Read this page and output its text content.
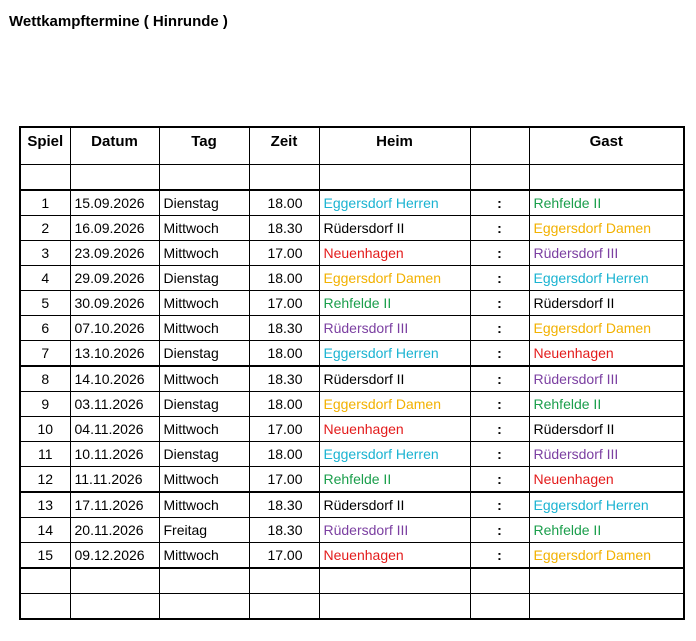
Wettkampftermine ( Hinrunde )
Spiel	Datum	Tag	Zeit	Heim		Gast

1	15.09.2026	Dienstag	18.00	Eggersdorf Herren	:	Rehfelde II
2	16.09.2026	Mittwoch	18.30	Rüdersdorf II	:	Eggersdorf Damen
3	23.09.2026	Mittwoch	17.00	Neuenhagen	:	Rüdersdorf III
4	29.09.2026	Dienstag	18.00	Eggersdorf Damen	:	Eggersdorf Herren
5	30.09.2026	Mittwoch	17.00	Rehfelde II	:	Rüdersdorf II
6	07.10.2026	Mittwoch	18.30	Rüdersdorf III	:	Eggersdorf Damen
7	13.10.2026	Dienstag	18.00	Eggersdorf Herren	:	Neuenhagen
8	14.10.2026	Mittwoch	18.30	Rüdersdorf II	:	Rüdersdorf III
9	03.11.2026	Dienstag	18.00	Eggersdorf Damen	:	Rehfelde II
10	04.11.2026	Mittwoch	17.00	Neuenhagen	:	Rüdersdorf II
11	10.11.2026	Dienstag	18.00	Eggersdorf Herren	:	Rüdersdorf III
12	11.11.2026	Mittwoch	17.00	Rehfelde II	:	Neuenhagen
13	17.11.2026	Mittwoch	18.30	Rüdersdorf II	:	Eggersdorf Herren
14	20.11.2026	Freitag	18.30	Rüdersdorf III	:	Rehfelde II
15	09.12.2026	Mittwoch	17.00	Neuenhagen	:	Eggersdorf Damen
